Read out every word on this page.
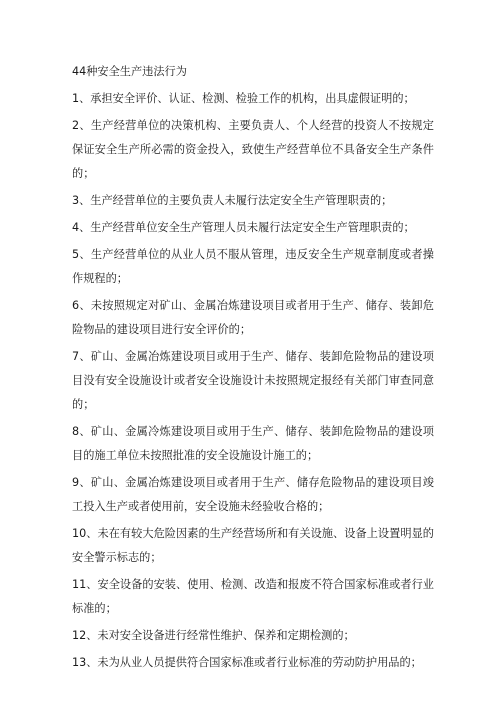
44种安全生产违法行为

1、承担安全评价、认证、检测、检验工作的机构，出具虚假证明的；
2、生产经营单位的决策机构、主要负责人、个人经营的投资人不按规定保证安全生产所必需的资金投入，致使生产经营单位不具备安全生产条件的；
3、生产经营单位的主要负责人未履行法定安全生产管理职责的；
4、生产经营单位安全生产管理人员未履行法定安全生产管理职责的；
5、生产经营单位的从业人员不服从管理，违反安全生产规章制度或者操作规程的；
6、未按照规定对矿山、金属冶炼建设项目或者用于生产、储存、装卸危险物品的建设项目进行安全评价的；
7、矿山、金属冶炼建设项目或用于生产、储存、装卸危险物品的建设项目没有安全设施设计或者安全设施设计未按照规定报经有关部门审查同意的；
8、矿山、金属冷炼建设项目或用于生产、储存、装卸危险物品的建设项目的施工单位未按照批准的安全设施设计施工的；
9、矿山、金属冶炼建设项目或者用于生产、储存危险物品的建设项目竣工投入生产或者使用前，安全设施未经验收合格的；
10、未在有较大危险因素的生产经营场所和有关设施、设备上设置明显的安全警示标志的；
11、安全设备的安装、使用、检测、改造和报废不符合国家标准或者行业标准的；
12、未对安全设备进行经常性维护、保养和定期检测的；
13、未为从业人员提供符合国家标准或者行业标准的劳动防护用品的；
